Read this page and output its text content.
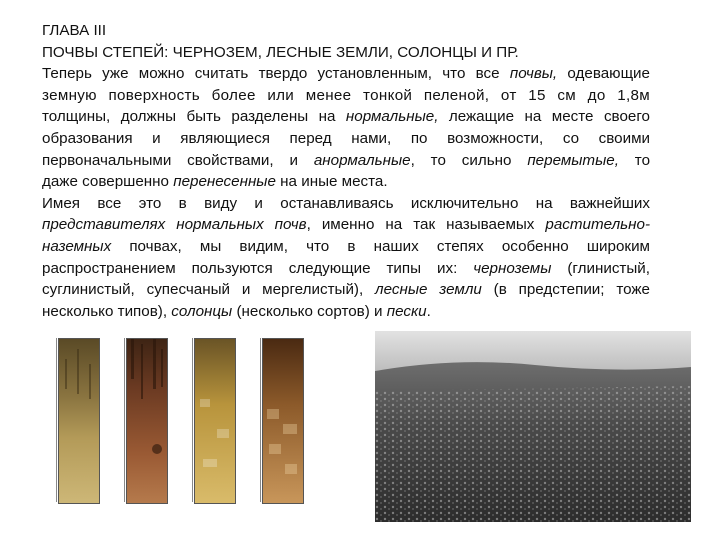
ГЛАВА III
ПОЧВЫ СТЕПЕЙ: ЧЕРНОЗЕМ, ЛЕСНЫЕ ЗЕМЛИ, СОЛОНЦЫ И ПР.
Теперь уже можно считать твердо установленным, что все почвы, одевающие
земную поверхность более или менее тонкой пеленой, от 15 см до 1,8м
толщины, должны быть разделены на нормальные, лежащие на месте своего
образования и являющиеся перед нами, по возможности, со своими
первоначальными свойствами, и анормальные, то сильно перемытые, то
даже совершенно перенесенные на иные места.
Имея все это в виду и останавливаясь исключительно на важнейших
представителях нормальных почв, именно на так называемых растительно-
наземных почвах, мы видим, что в наших степях особенно широким
распространением пользуются следующие типы их: черноземы (глинистый,
суглинистый, супесчаный и мергелистый), лесные земли (в предстепии; тоже
несколько типов), солонцы (несколько сортов) и пески.
